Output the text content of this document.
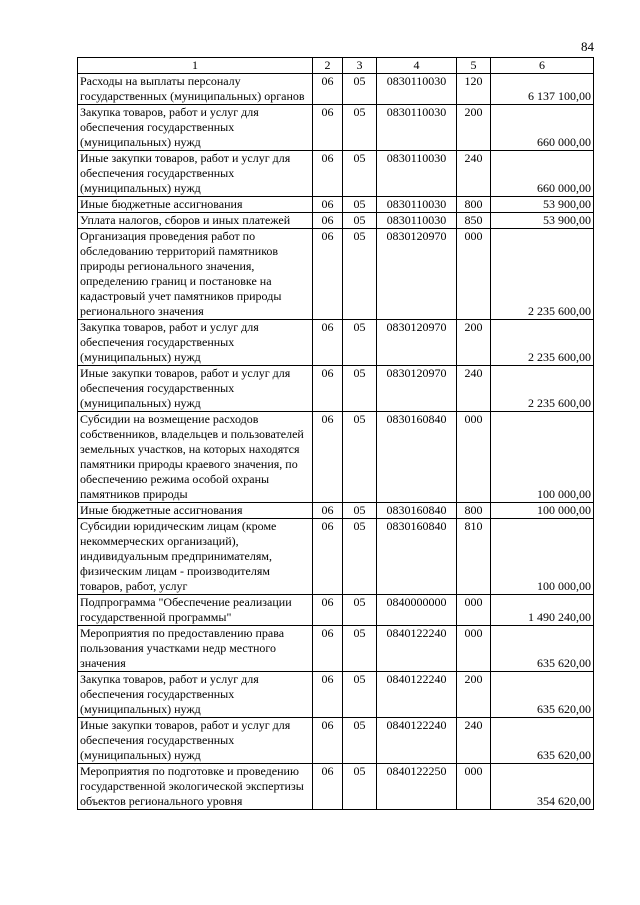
84
1	2	3	4	5	6
Расходы на выплаты персоналу государственных (муниципальных) органов	06	05	0830110030	120	6 137 100,00
Закупка товаров, работ и услуг для обеспечения государственных (муниципальных) нужд	06	05	0830110030	200	660 000,00
Иные закупки товаров, работ и услуг для обеспечения государственных (муниципальных) нужд	06	05	0830110030	240	660 000,00
Иные бюджетные ассигнования	06	05	0830110030	800	53 900,00
Уплата налогов, сборов и иных платежей	06	05	0830110030	850	53 900,00
Организация проведения работ по обследованию территорий памятников природы регионального значения, определению границ и постановке на кадастровый учет памятников природы регионального значения	06	05	0830120970	000	2 235 600,00
Закупка товаров, работ и услуг для обеспечения государственных (муниципальных) нужд	06	05	0830120970	200	2 235 600,00
Иные закупки товаров, работ и услуг для обеспечения государственных (муниципальных) нужд	06	05	0830120970	240	2 235 600,00
Субсидии на возмещение расходов собственников, владельцев и пользователей земельных участков, на которых находятся памятники природы краевого значения, по обеспечению режима особой охраны памятников природы	06	05	0830160840	000	100 000,00
Иные бюджетные ассигнования	06	05	0830160840	800	100 000,00
Субсидии юридическим лицам (кроме некоммерческих организаций), индивидуальным предпринимателям, физическим лицам - производителям товаров, работ, услуг	06	05	0830160840	810	100 000,00
Подпрограмма "Обеспечение реализации государственной программы"	06	05	0840000000	000	1 490 240,00
Мероприятия по предоставлению права пользования участками недр местного значения	06	05	0840122240	000	635 620,00
Закупка товаров, работ и услуг для обеспечения государственных (муниципальных) нужд	06	05	0840122240	200	635 620,00
Иные закупки товаров, работ и услуг для обеспечения государственных (муниципальных) нужд	06	05	0840122240	240	635 620,00
Мероприятия по подготовке и проведению государственной экологической экспертизы объектов регионального уровня	06	05	0840122250	000	354 620,00
